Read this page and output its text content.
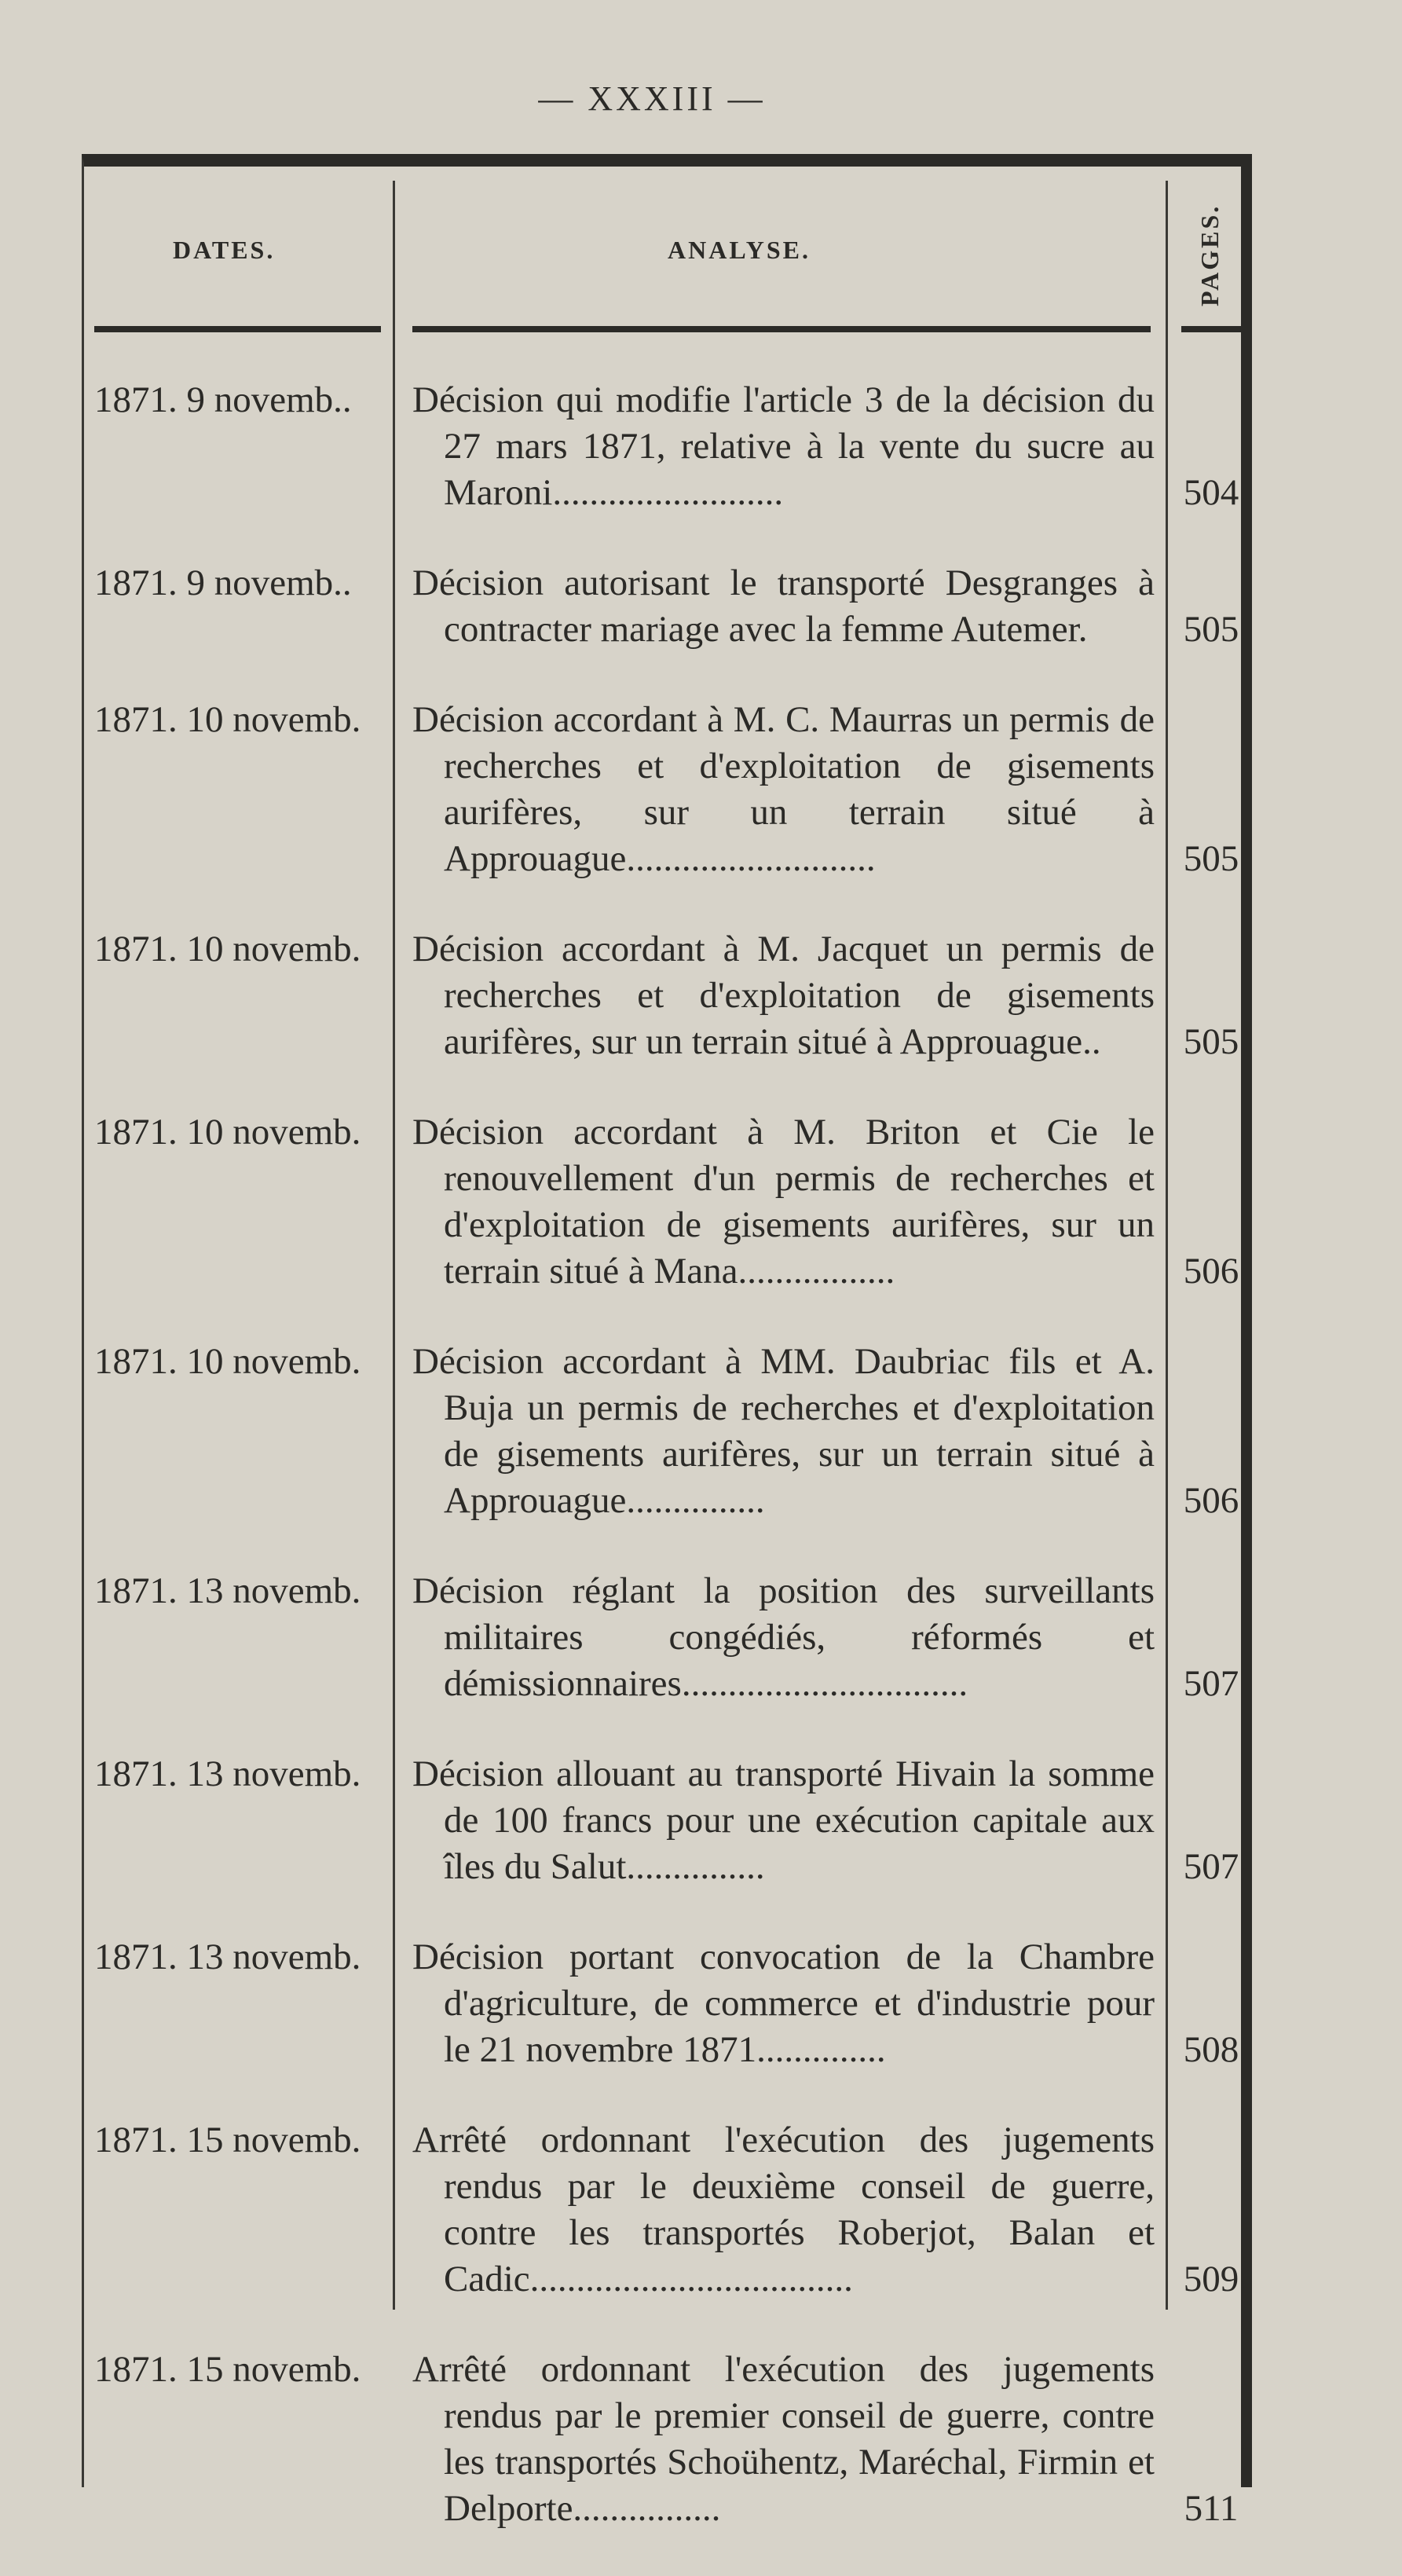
— XXXIII —
DATES.	ANALYSE.	PAGES.
1871. 9 novemb..	Décision qui modifie l'article 3 de la décision du 27 mars 1871, relative à la vente du sucre au Maroni.........................	504
1871. 9 novemb..	Décision autorisant le transporté Desgranges à contracter mariage avec la femme Autemer.	505
1871. 10 novemb.	Décision accordant à M. C. Maurras un permis de recherches et d'exploitation de gisements aurifères, sur un terrain situé à Approuague...........................	505
1871. 10 novemb.	Décision accordant à M. Jacquet un permis de recherches et d'exploitation de gisements aurifères, sur un terrain situé à Approuague..	505
1871. 10 novemb.	Décision accordant à M. Briton et Cie le renouvellement d'un permis de recherches et d'exploitation de gisements aurifères, sur un terrain situé à Mana.................	506
1871. 10 novemb.	Décision accordant à MM. Daubriac fils et A. Buja un permis de recherches et d'exploitation de gisements aurifères, sur un terrain situé à Approuague...............	506
1871. 13 novemb.	Décision réglant la position des surveillants militaires congédiés, réformés et démissionnaires...............................	507
1871. 13 novemb.	Décision allouant au transporté Hivain la somme de 100 francs pour une exécution capitale aux îles du Salut...............	507
1871. 13 novemb.	Décision portant convocation de la Chambre d'agriculture, de commerce et d'industrie pour le 21 novembre 1871..............	508
1871. 15 novemb.	Arrêté ordonnant l'exécution des jugements rendus par le deuxième conseil de guerre, contre les transportés Roberjot, Balan et Cadic...................................	509
1871. 15 novemb.	Arrêté ordonnant l'exécution des jugements rendus par le premier conseil de guerre, contre les transportés Schoühentz, Maréchal, Firmin et Delporte................	511
